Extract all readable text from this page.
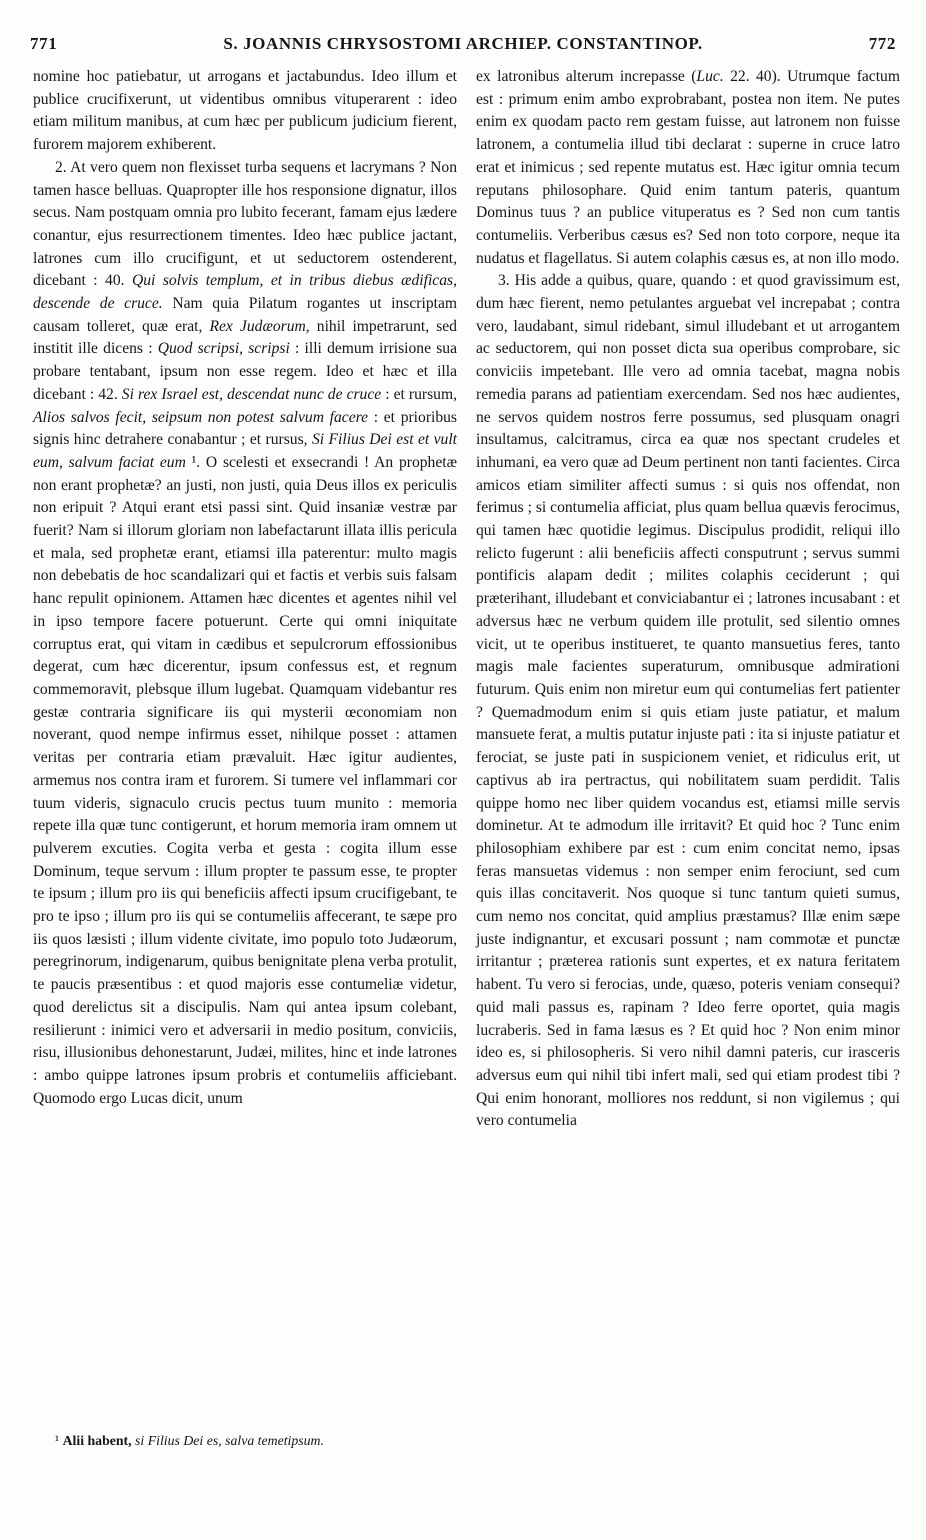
771	S. JOANNIS CHRYSOSTOMI ARCHIEP. CONSTANTINOP.	772

nomine hoc patiebatur, ut arrogans et jactabundus. Ideo illum et publice crucifixerunt, ut videntibus omnibus vituperarent : ideo etiam militum manibus, at cum hæc per publicum judicium fierent, furorem majorem exhiberent.

2. At vero quem non flexisset turba sequens et lacrymans ? Non tamen hasce belluas. Quapropter ille hos responsione dignatur, illos secus. Nam postquam omnia pro lubito fecerant, famam ejus lædere conantur, ejus resurrectionem timentes. Ideo hæc publice jactant, latrones cum illo crucifigunt, et ut seductorem ostenderent, dicebant : 40. Qui solvis templum, et in tribus diebus ædificas, descende de cruce. Nam quia Pilatum rogantes ut inscriptam causam tolleret, quæ erat, Rex Judæorum, nihil impetrarunt, sed institit ille dicens : Quod scripsi, scripsi : illi demum irrisione sua probare tentabant, ipsum non esse regem. Ideo et hæc et illa dicebant : 42. Si rex Israel est, descendat nunc de cruce : et rursum, Alios salvos fecit, seipsum non potest salvum facere : et prioribus signis hinc detrahere conabantur ; et rursus, Si Filius Dei est et vult eum, salvum faciat eum ¹. O scelesti et exsecrandi ! An prophetæ non erant prophetæ? an justi, non justi, quia Deus illos ex periculis non eripuit ? Atqui erant etsi passi sint. Quid insaniæ vestræ par fuerit? Nam si illorum gloriam non labefactarunt illata illis pericula et mala, sed prophetæ erant, etiamsi illa paterentur: multo magis non debebatis de hoc scandalizari qui et factis et verbis suis falsam hanc repulit opinionem. Attamen hæc dicentes et agentes nihil vel in ipso tempore facere potuerunt. Certe qui omni iniquitate corruptus erat, qui vitam in cædibus et sepulcrorum effossionibus degerat, cum hæc dicerentur, ipsum confessus est, et regnum commemoravit, plebsque illum lugebat. Quamquam videbantur res gestæ contraria significare iis qui mysterii œconomiam non noverant, quod nempe infirmus esset, nihilque posset : attamen veritas per contraria etiam prævaluit. Hæc igitur audientes, armemus nos contra iram et furorem. Si tumere vel inflammari cor tuum videris, signaculo crucis pectus tuum munito : memoria repete illa quæ tunc contigerunt, et horum memoria iram omnem ut pulverem excuties. Cogita verba et gesta : cogita illum esse Dominum, teque servum : illum propter te passum esse, te propter te ipsum ; illum pro iis qui beneficiis affecti ipsum crucifigebant, te pro te ipso ; illum pro iis qui se contumeliis affecerant, te sæpe pro iis quos læsisti ; illum vidente civitate, imo populo toto Judæorum, peregrinorum, indigenarum, quibus benignitate plena verba protulit, te paucis præsentibus : et quod majoris esse contumeliæ videtur, quod derelictus sit a discipulis. Nam qui antea ipsum colebant, resilierunt : inimici vero et adversarii in medio positum, conviciis, risu, illusionibus dehonestarunt, Judæi, milites, hinc et inde latrones : ambo quippe latrones ipsum probris et contumeliis afficiebant. Quomodo ergo Lucas dicit, unum

ex latronibus alterum increpasse (Luc. 22. 40). Utrumque factum est : primum enim ambo exprobrabant, postea non item. Ne putes enim ex quodam pacto rem gestam fuisse, aut latronem non fuisse latronem, a contumelia illud tibi declarat : superne in cruce latro erat et inimicus ; sed repente mutatus est. Hæc igitur omnia tecum reputans philosophare. Quid enim tantum pateris, quantum Dominus tuus ? an publice vituperatus es ? Sed non cum tantis contumeliis. Verberibus cæsus es? Sed non toto corpore, neque ita nudatus et flagellatus. Si autem colaphis cæsus es, at non illo modo.

3. His adde a quibus, quare, quando : et quod gravissimum est, dum hæc fierent, nemo petulantes arguebat vel increpabat ; contra vero, laudabant, simul ridebant, simul illudebant et ut arrogantem ac seductorem, qui non posset dicta sua operibus comprobare, sic conviciis impetebant. Ille vero ad omnia tacebat, magna nobis remedia parans ad patientiam exercendam. Sed nos hæc audientes, ne servos quidem nostros ferre possumus, sed plusquam onagri insultamus, calcitramus, circa ea quæ nos spectant crudeles et inhumani, ea vero quæ ad Deum pertinent non tanti facientes. Circa amicos etiam similiter affecti sumus : si quis nos offendat, non ferimus ; si contumelia afficiat, plus quam bellua quævis ferocimus, qui tamen hæc quotidie legimus. Discipulus prodidit, reliqui illo relicto fugerunt : alii beneficiis affecti consputrunt ; servus summi pontificis alapam dedit ; milites colaphis ceciderunt ; qui præterihant, illudebant et conviciabantur ei ; latrones incusabant : et adversus hæc ne verbum quidem ille protulit, sed silentio omnes vicit, ut te operibus institueret, te quanto mansuetius feres, tanto magis male facientes superaturum, omnibusque admirationi futurum. Quis enim non miretur eum qui contumelias fert patienter ? Quemadmodum enim si quis etiam juste patiatur, et malum mansuete ferat, a multis putatur injuste pati : ita si injuste patiatur et ferociat, se juste pati in suspicionem veniet, et ridiculus erit, ut captivus ab ira pertractus, qui nobilitatem suam perdidit. Talis quippe homo nec liber quidem vocandus est, etiamsi mille servis dominetur. At te admodum ille irritavit? Et quid hoc ? Tunc enim philosophiam exhibere par est : cum enim concitat nemo, ipsas feras mansuetas videmus : non semper enim ferociunt, sed cum quis illas concitaverit. Nos quoque si tunc tantum quieti sumus, cum nemo nos concitat, quid amplius præstamus? Illæ enim sæpe juste indignantur, et excusari possunt ; nam commotæ et punctæ irritantur ; præterea rationis sunt expertes, et ex natura feritatem habent. Tu vero si ferocias, unde, quæso, poteris veniam consequi? quid mali passus es, rapinam ? Ideo ferre oportet, quia magis lucraberis. Sed in fama læsus es ? Et quid hoc ? Non enim minor ideo es, si philosopheris. Si vero nihil damni pateris, cur irasceris adversus eum qui nihil tibi infert mali, sed qui etiam prodest tibi ? Qui enim honorant, molliores nos reddunt, si non vigilemus ; qui vero contumelia

¹ Alii habent, si Filius Dei es, salva temetipsum.
